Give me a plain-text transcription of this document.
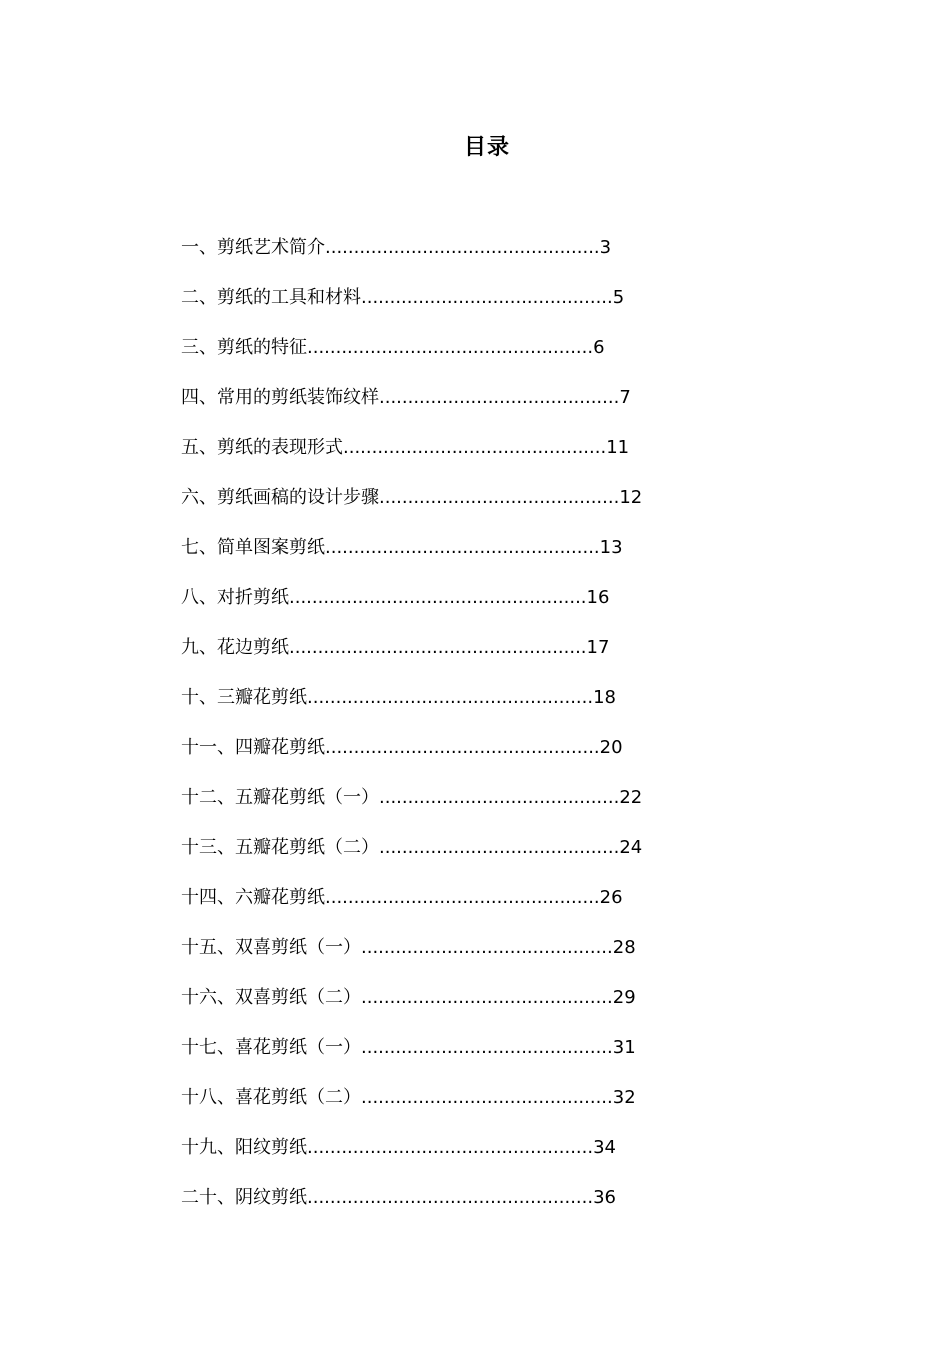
目录
一、剪纸艺术简介................................................3
二、剪纸的工具和材料............................................5
三、剪纸的特征..................................................6
四、常用的剪纸装饰纹样..........................................7
五、剪纸的表现形式..............................................11
六、剪纸画稿的设计步骤..........................................12
七、简单图案剪纸................................................13
八、对折剪纸....................................................16
九、花边剪纸....................................................17
十、三瓣花剪纸..................................................18
十一、四瓣花剪纸................................................20
十二、五瓣花剪纸（一）..........................................22
十三、五瓣花剪纸（二）..........................................24
十四、六瓣花剪纸................................................26
十五、双喜剪纸（一）............................................28
十六、双喜剪纸（二）............................................29
十七、喜花剪纸（一）............................................31
十八、喜花剪纸（二）............................................32
十九、阳纹剪纸..................................................34
二十、阴纹剪纸..................................................36
